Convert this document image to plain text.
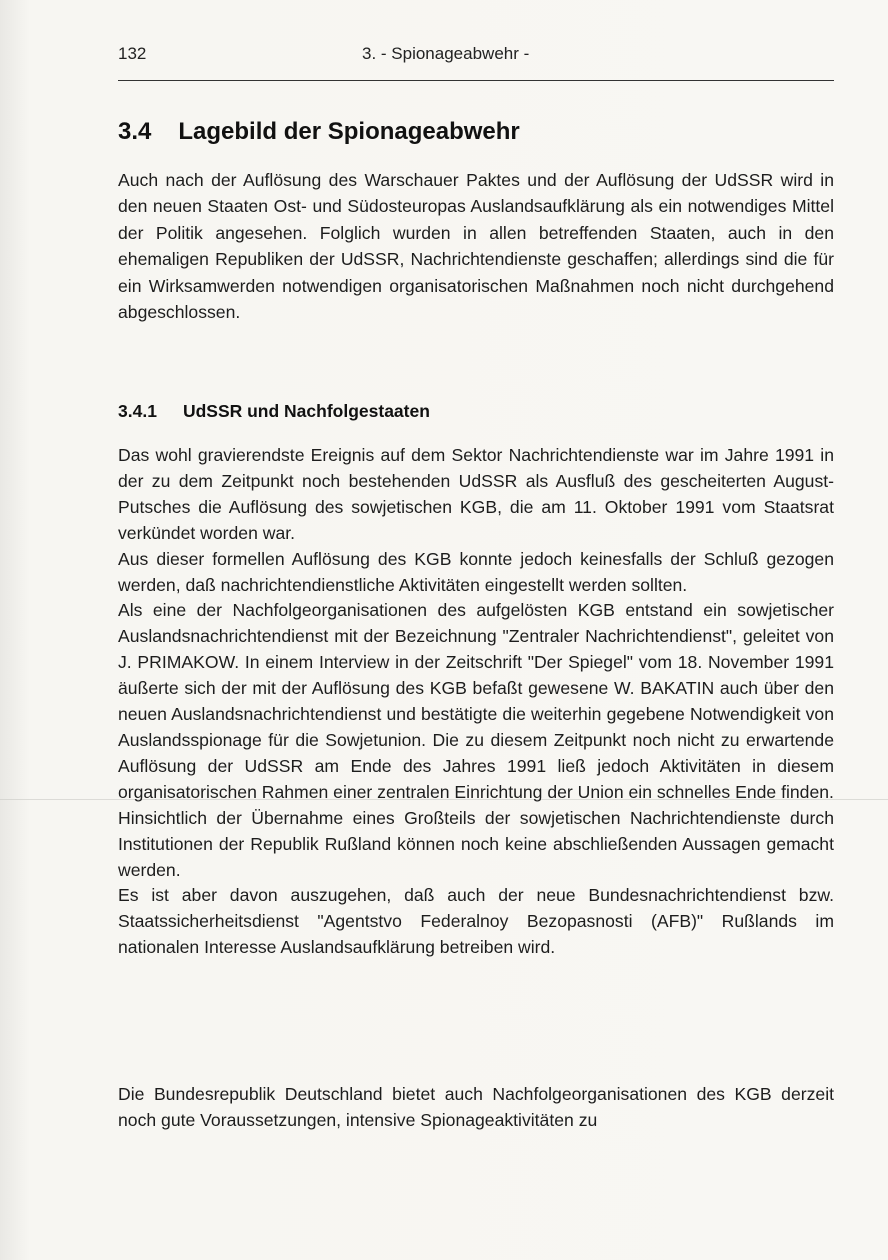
132	3. - Spionageabwehr -
3.4 Lagebild der Spionageabwehr

Auch nach der Auflösung des Warschauer Paktes und der Auflösung der UdSSR wird in den neuen Staaten Ost- und Südosteuropas Auslandsaufklärung als ein notwendiges Mittel der Politik angesehen. Folglich wurden in allen betreffenden Staaten, auch in den ehemaligen Republiken der UdSSR, Nachrichtendienste geschaffen; allerdings sind die für ein Wirksamwerden notwendigen organisatorischen Maßnahmen noch nicht durchgehend abgeschlossen.

3.4.1 UdSSR und Nachfolgestaaten
Das wohl gravierendste Ereignis auf dem Sektor Nachrichtendienste war im Jahre 1991 in der zu dem Zeitpunkt noch bestehenden UdSSR als Ausfluß des gescheiterten August-Putsches die Auflösung des sowjetischen KGB, die am 11. Oktober 1991 vom Staatsrat verkündet worden war.
Aus dieser formellen Auflösung des KGB konnte jedoch keinesfalls der Schluß gezogen werden, daß nachrichtendienstliche Aktivitäten eingestellt werden sollten.
Als eine der Nachfolgeorganisationen des aufgelösten KGB entstand ein sowjetischer Auslandsnachrichtendienst mit der Bezeichnung "Zentraler Nachrichtendienst", geleitet von J. PRIMAKOW. In einem Interview in der Zeitschrift "Der Spiegel" vom 18. November 1991 äußerte sich der mit der Auflösung des KGB befaßt gewesene W. BAKATIN auch über den neuen Auslandsnachrichtendienst und bestätigte die weiterhin gegebene Notwendigkeit von Auslandsspionage für die Sowjetunion. Die zu diesem Zeitpunkt noch nicht zu erwartende Auflösung der UdSSR am Ende des Jahres 1991 ließ jedoch Aktivitäten in diesem organisatorischen Rahmen einer zentralen Einrichtung der Union ein schnelles Ende finden.
Hinsichtlich der Übernahme eines Großteils der sowjetischen Nachrichtendienste durch Institutionen der Republik Rußland können noch keine abschließenden Aussagen gemacht werden.
Es ist aber davon auszugehen, daß auch der neue Bundesnachrichtendienst bzw. Staatssicherheitsdienst "Agentstvo Federalnoy Bezopasnosti (AFB)" Rußlands im nationalen Interesse Auslandsaufklärung betreiben wird.

Die Bundesrepublik Deutschland bietet auch Nachfolgeorganisationen des KGB derzeit noch gute Voraussetzungen, intensive Spionageaktivitäten zu
